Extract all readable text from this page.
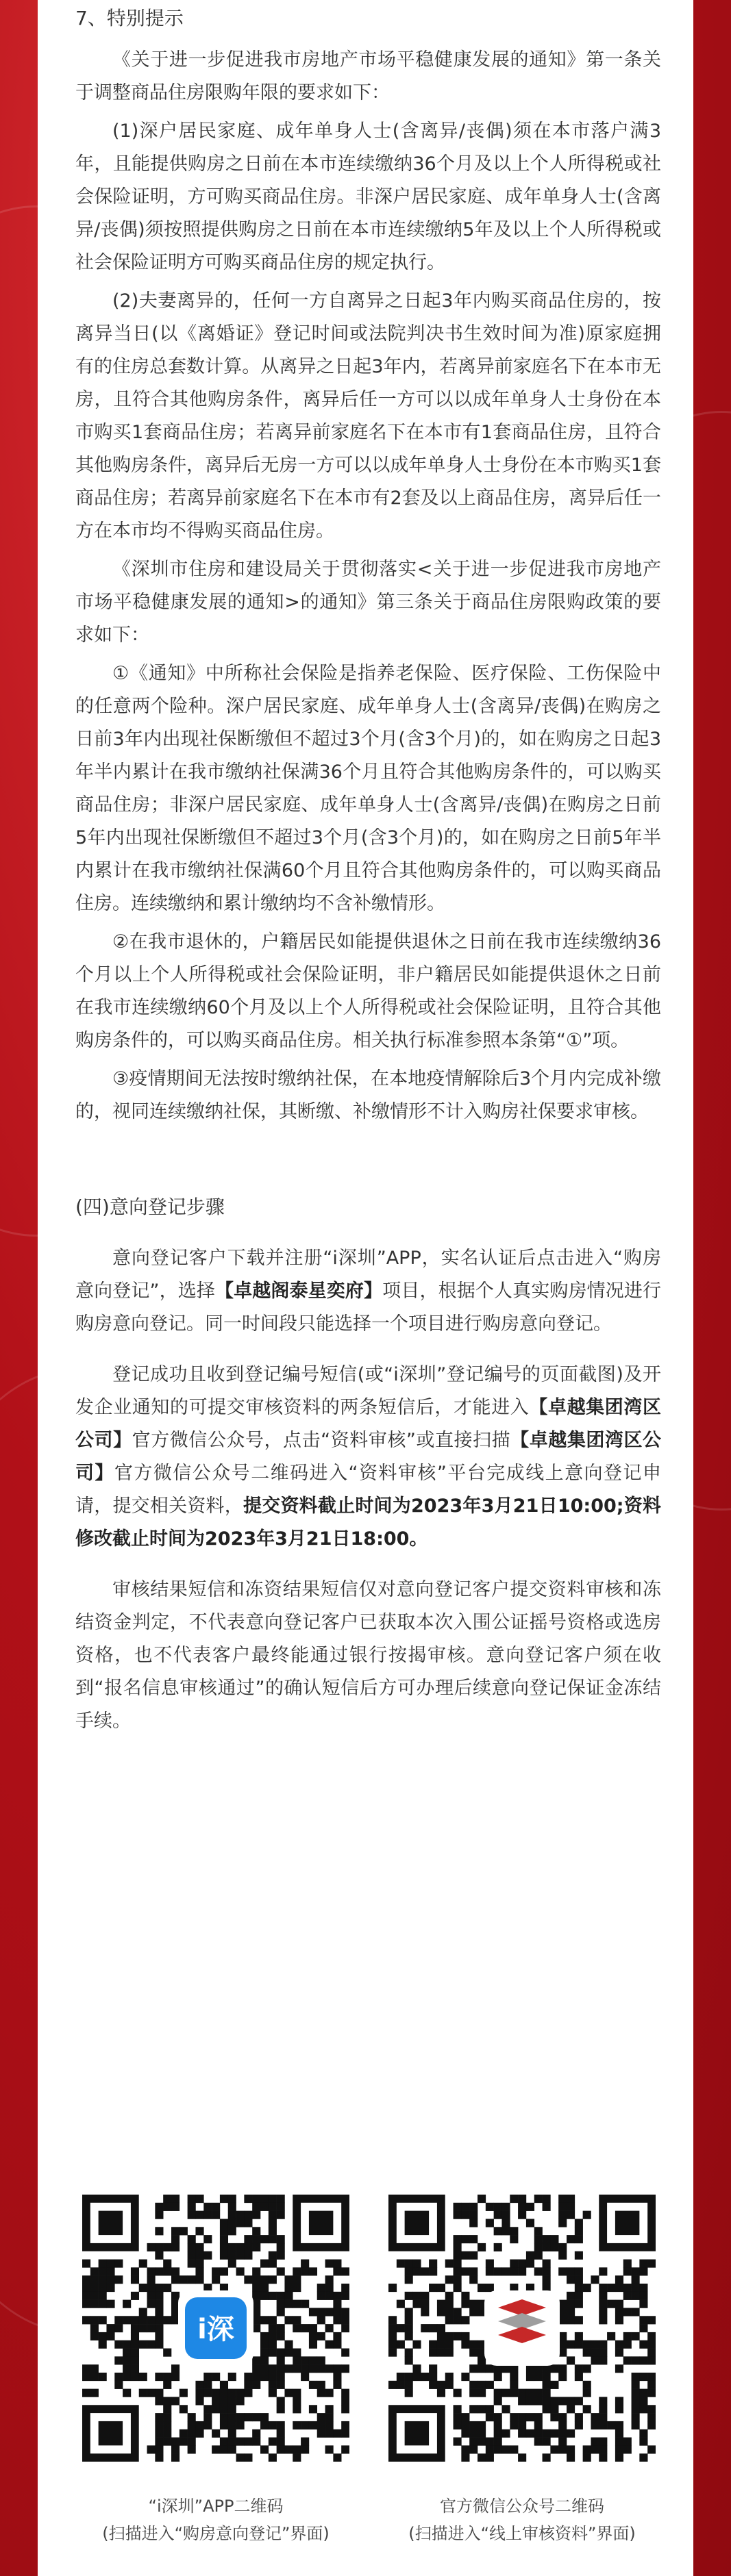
7、特别提示

《关于进一步促进我市房地产市场平稳健康发展的通知》第一条关于调整商品住房限购年限的要求如下：

(1)深户居民家庭、成年单身人士(含离异/丧偶)须在本市落户满3年，且能提供购房之日前在本市连续缴纳36个月及以上个人所得税或社会保险证明，方可购买商品住房。非深户居民家庭、成年单身人士(含离异/丧偶)须按照提供购房之日前在本市连续缴纳5年及以上个人所得税或社会保险证明方可购买商品住房的规定执行。

(2)夫妻离异的，任何一方自离异之日起3年内购买商品住房的，按离异当日(以《离婚证》登记时间或法院判决书生效时间为准)原家庭拥有的住房总套数计算。从离异之日起3年内，若离异前家庭名下在本市无房，且符合其他购房条件，离异后任一方可以以成年单身人士身份在本市购买1套商品住房；若离异前家庭名下在本市有1套商品住房，且符合其他购房条件，离异后无房一方可以以成年单身人士身份在本市购买1套商品住房；若离异前家庭名下在本市有2套及以上商品住房，离异后任一方在本市均不得购买商品住房。

《深圳市住房和建设局关于贯彻落实<关于进一步促进我市房地产市场平稳健康发展的通知>的通知》第三条关于商品住房限购政策的要求如下：

①《通知》中所称社会保险是指养老保险、医疗保险、工伤保险中的任意两个险种。深户居民家庭、成年单身人士(含离异/丧偶)在购房之日前3年内出现社保断缴但不超过3个月(含3个月)的，如在购房之日起3年半内累计在我市缴纳社保满36个月且符合其他购房条件的，可以购买商品住房；非深户居民家庭、成年单身人士(含离异/丧偶)在购房之日前5年内出现社保断缴但不超过3个月(含3个月)的，如在购房之日前5年半内累计在我市缴纳社保满60个月且符合其他购房条件的，可以购买商品住房。连续缴纳和累计缴纳均不含补缴情形。

②在我市退休的，户籍居民如能提供退休之日前在我市连续缴纳36个月以上个人所得税或社会保险证明，非户籍居民如能提供退休之日前在我市连续缴纳60个月及以上个人所得税或社会保险证明，且符合其他购房条件的，可以购买商品住房。相关执行标准参照本条第“①”项。

③疫情期间无法按时缴纳社保，在本地疫情解除后3个月内完成补缴的，视同连续缴纳社保，其断缴、补缴情形不计入购房社保要求审核。

(四)意向登记步骤

意向登记客户下载并注册“i深圳”APP，实名认证后点击进入“购房意向登记”，选择【卓越阁泰星奕府】项目，根据个人真实购房情况进行购房意向登记。同一时间段只能选择一个项目进行购房意向登记。

登记成功且收到登记编号短信(或“i深圳”登记编号的页面截图)及开发企业通知的可提交审核资料的两条短信后，才能进入【卓越集团湾区公司】官方微信公众号，点击“资料审核”或直接扫描【卓越集团湾区公司】官方微信公众号二维码进入“资料审核”平台完成线上意向登记申请，提交相关资料，提交资料截止时间为2023年3月21日10:00;资料修改截止时间为2023年3月21日18:00。

审核结果短信和冻资结果短信仅对意向登记客户提交资料审核和冻结资金判定，不代表意向登记客户已获取本次入围公证摇号资格或选房资格，也不代表客户最终能通过银行按揭审核。意向登记客户须在收到“报名信息审核通过”的确认短信后方可办理后续意向登记保证金冻结手续。

i深
“i深圳”APP二维码
(扫描进入“购房意向登记”界面)
官方微信公众号二维码
(扫描进入“线上审核资料”界面)
